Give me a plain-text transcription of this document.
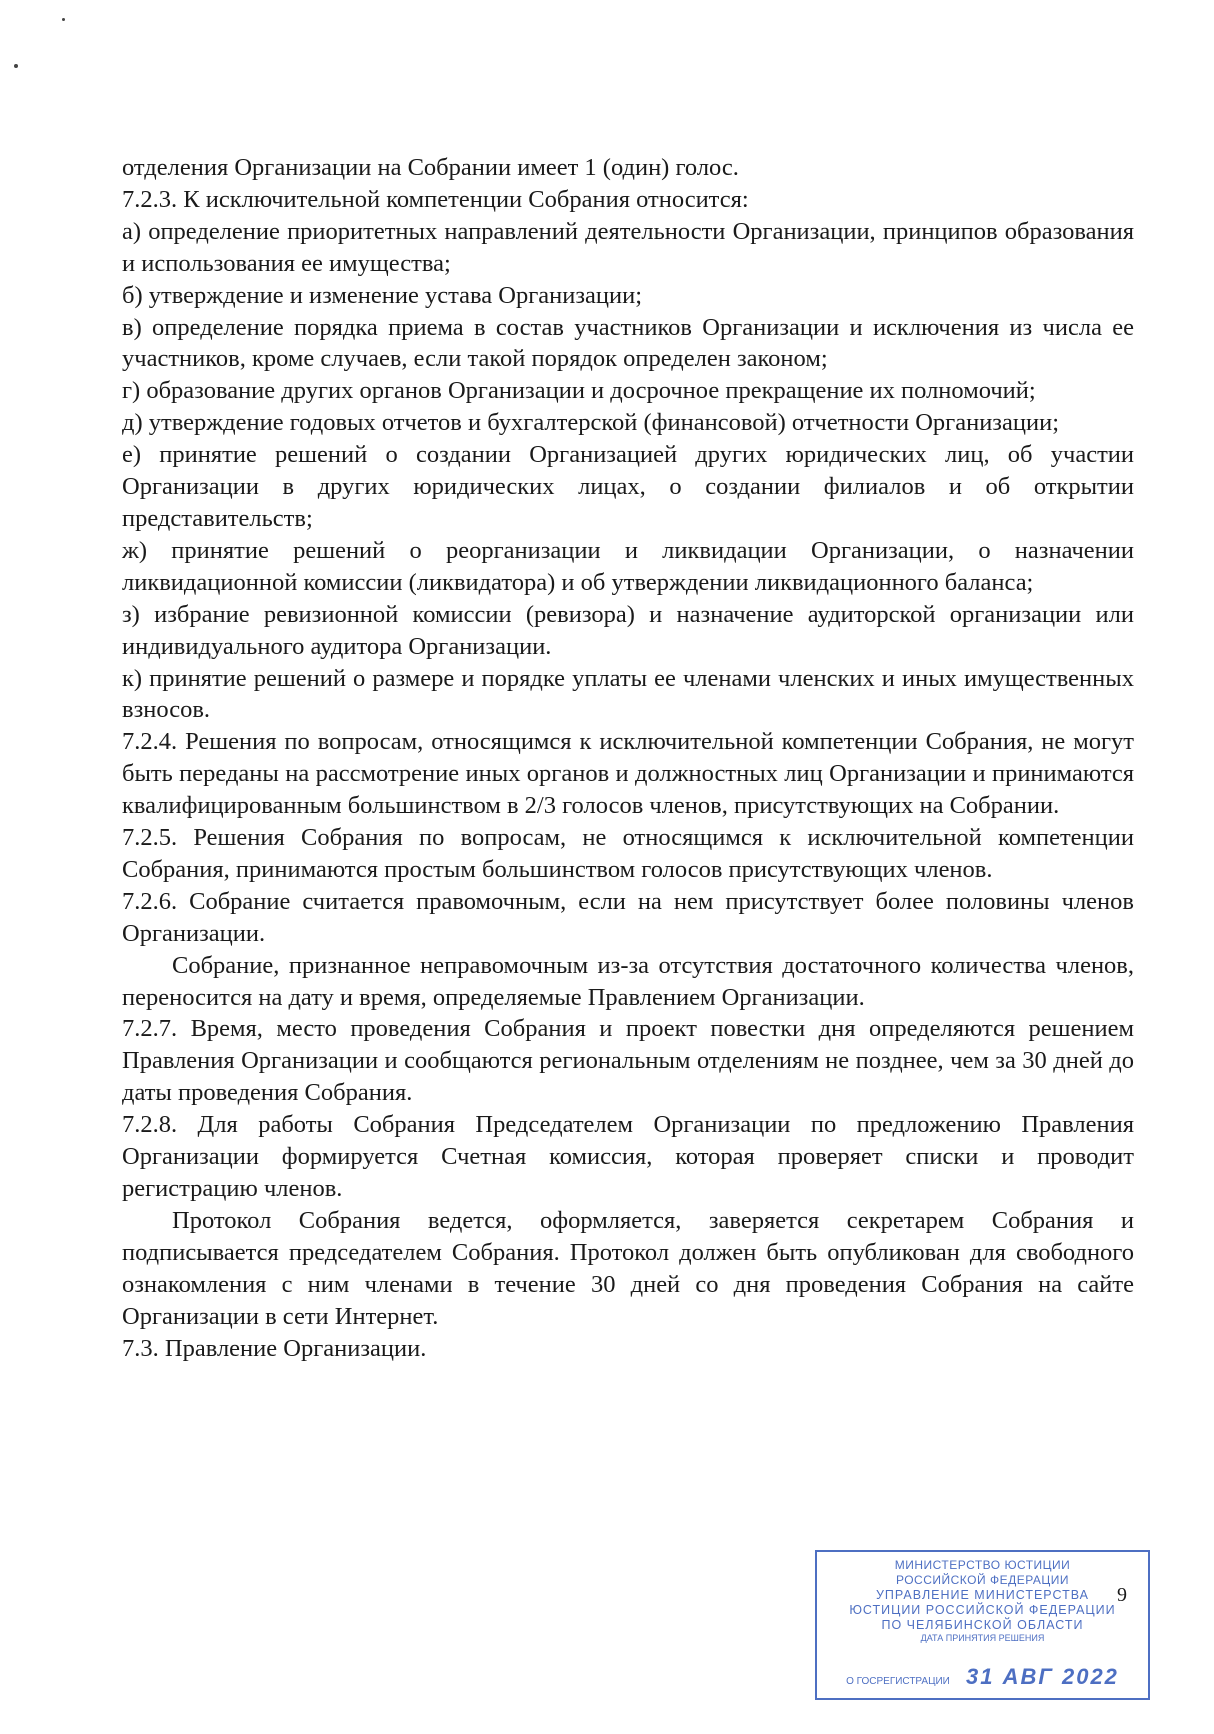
отделения Организации на Собрании имеет 1 (один) голос.

7.2.3. К исключительной компетенции Собрания относится:

а) определение приоритетных направлений деятельности Организации, принципов образования и использования ее имущества;

б) утверждение и изменение устава Организации;

в) определение порядка приема в состав участников Организации и исключения из числа ее участников, кроме случаев, если такой порядок определен законом;

г) образование других органов Организации и досрочное прекращение их полномочий;

д) утверждение годовых отчетов и бухгалтерской (финансовой) отчетности Организации;

е) принятие решений о создании Организацией других юридических лиц, об участии Организации в других юридических лицах, о создании филиалов и об открытии представительств;

ж) принятие решений о реорганизации и ликвидации Организации, о назначении ликвидационной комиссии (ликвидатора) и об утверждении ликвидационного баланса;

з) избрание ревизионной комиссии (ревизора) и назначение аудиторской организации или индивидуального аудитора Организации.

к) принятие решений о размере и порядке уплаты ее членами членских и иных имущественных взносов.

7.2.4. Решения по вопросам, относящимся к исключительной компетенции Собрания, не могут быть переданы на рассмотрение иных органов и должностных лиц Организации и принимаются квалифицированным большинством в 2/3 голосов членов, присутствующих на Собрании.

7.2.5. Решения Собрания по вопросам, не относящимся к исключительной компетенции Собрания, принимаются простым большинством голосов присутствующих членов.

7.2.6. Собрание считается правомочным, если на нем присутствует более половины членов Организации.

Собрание, признанное неправомочным из-за отсутствия достаточного количества членов, переносится на дату и время, определяемые Правлением Организации.

7.2.7. Время, место проведения Собрания и проект повестки дня определяются решением Правления Организации и сообщаются региональным отделениям не позднее, чем за 30 дней до даты проведения Собрания.

7.2.8. Для работы Собрания Председателем Организации по предложению Правления Организации формируется Счетная комиссия, которая проверяет списки и проводит регистрацию членов.

Протокол Собрания ведется, оформляется, заверяется секретарем Собрания и подписывается председателем Собрания. Протокол должен быть опубликован для свободного ознакомления с ним членами в течение 30 дней со дня проведения Собрания на сайте Организации в сети Интернет.

7.3. Правление Организации.

МИНИСТЕРСТВО ЮСТИЦИИ
РОССИЙСКОЙ ФЕДЕРАЦИИ
УПРАВЛЕНИЕ МИНИСТЕРСТВА
ЮСТИЦИИ РОССИЙСКОЙ ФЕДЕРАЦИИ
ПО ЧЕЛЯБИНСКОЙ ОБЛАСТИ
ДАТА ПРИНЯТИЯ РЕШЕНИЯ
О ГОСРЕГИСТРАЦИИ 31 АВГ 2022
9
